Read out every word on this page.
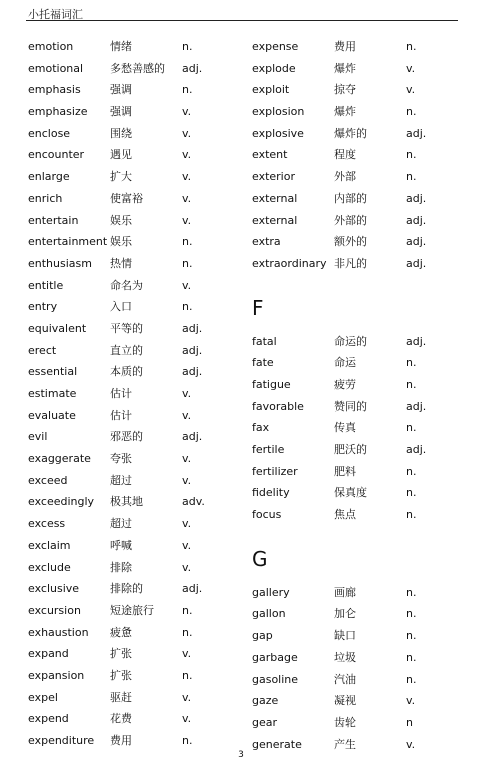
小托福词汇
emotion	情绪	n.
emotional 多愁善感的 adj.
emphasis	强调	n.
emphasize 强调	v.
enclose	围绕	v.
encounter 遇见	v.
enlarge	扩大	v.
enrich	使富裕	v.
entertain	娱乐	v.
entertainment 娱乐	n.
enthusiasm 热情	n.
entitle	命名为	v.
entry	入口	n.
equivalent 平等的	adj.
erect	直立的	adj.
essential	本质的	adj.
estimate	估计	v.
evaluate	估计	v.
evil	邪恶的	adj.
exaggerate 夸张	v.
exceed	超过	v.
exceedingly 极其地	adv.
excess	超过	v.
exclaim	呼喊	v.
exclude	排除	v.
exclusive	排除的	adj.
excursion	短途旅行	n.
exhaustion 疲惫	n.
expand	扩张	v.
expansion 扩张	n.
expel	驱赶	v.
expend	花费	v.
expenditure 费用	n.
expense	费用	n.
explode	爆炸	v.
exploit	掠夺	v.
explosion	爆炸	n.
explosive	爆炸的	adj.
extent	程度	n.
exterior	外部	n.
external	内部的	adj.
external	外部的	adj.
extra	额外的	adj.
extraordinary 非凡的	adj.
F
fatal	命运的	adj.
fate	命运	n.
fatigue	疲劳	n.
favorable	赞同的	adj.
fax	传真	n.
fertile	肥沃的	adj.
fertilizer	肥料	n.
fidelity	保真度	n.
focus	焦点	n.
G
gallery	画廊	n.
gallon	加仑	n.
gap	缺口	n.
garbage	垃圾	n.
gasoline	汽油	n.
gaze	凝视	v.
gear	齿轮	n
generate	产生	v.
3
